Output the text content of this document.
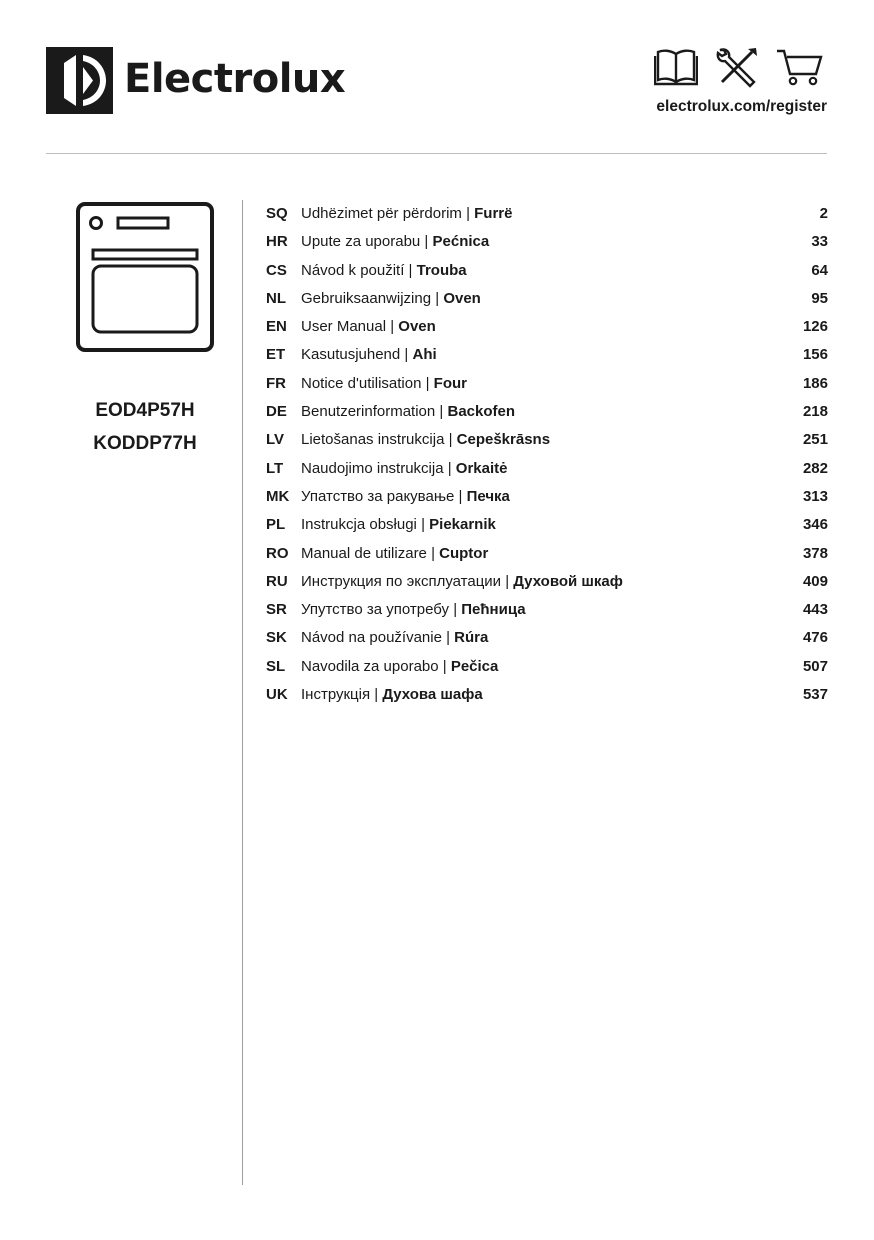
Electrolux
electrolux.com/register
EOD4P57H
KODDP77H
SQ Udhëzimet për përdorim | Furrë	2
HR Upute za uporabu | Pećnica	33
CS Návod k použití | Trouba	64
NL Gebruiksaanwijzing | Oven	95
EN User Manual | Oven	126
ET Kasutusjuhend | Ahi	156
FR Notice d'utilisation | Four	186
DE Benutzerinformation | Backofen	218
LV Lietošanas instrukcija | Cepeškrāsns	251
LT Naudojimo instrukcija | Orkaitė	282
MK Упатство за ракување | Печка	313
PL Instrukcja obsługi | Piekarnik	346
RO Manual de utilizare | Cuptor	378
RU Инструкция по эксплуатации | Духовой шкаф	409
SR Упутство за употребу | Пећница	443
SK Návod na používanie | Rúra	476
SL Navodila za uporabo | Pečica	507
UK Інструкція | Духова шафа	537
